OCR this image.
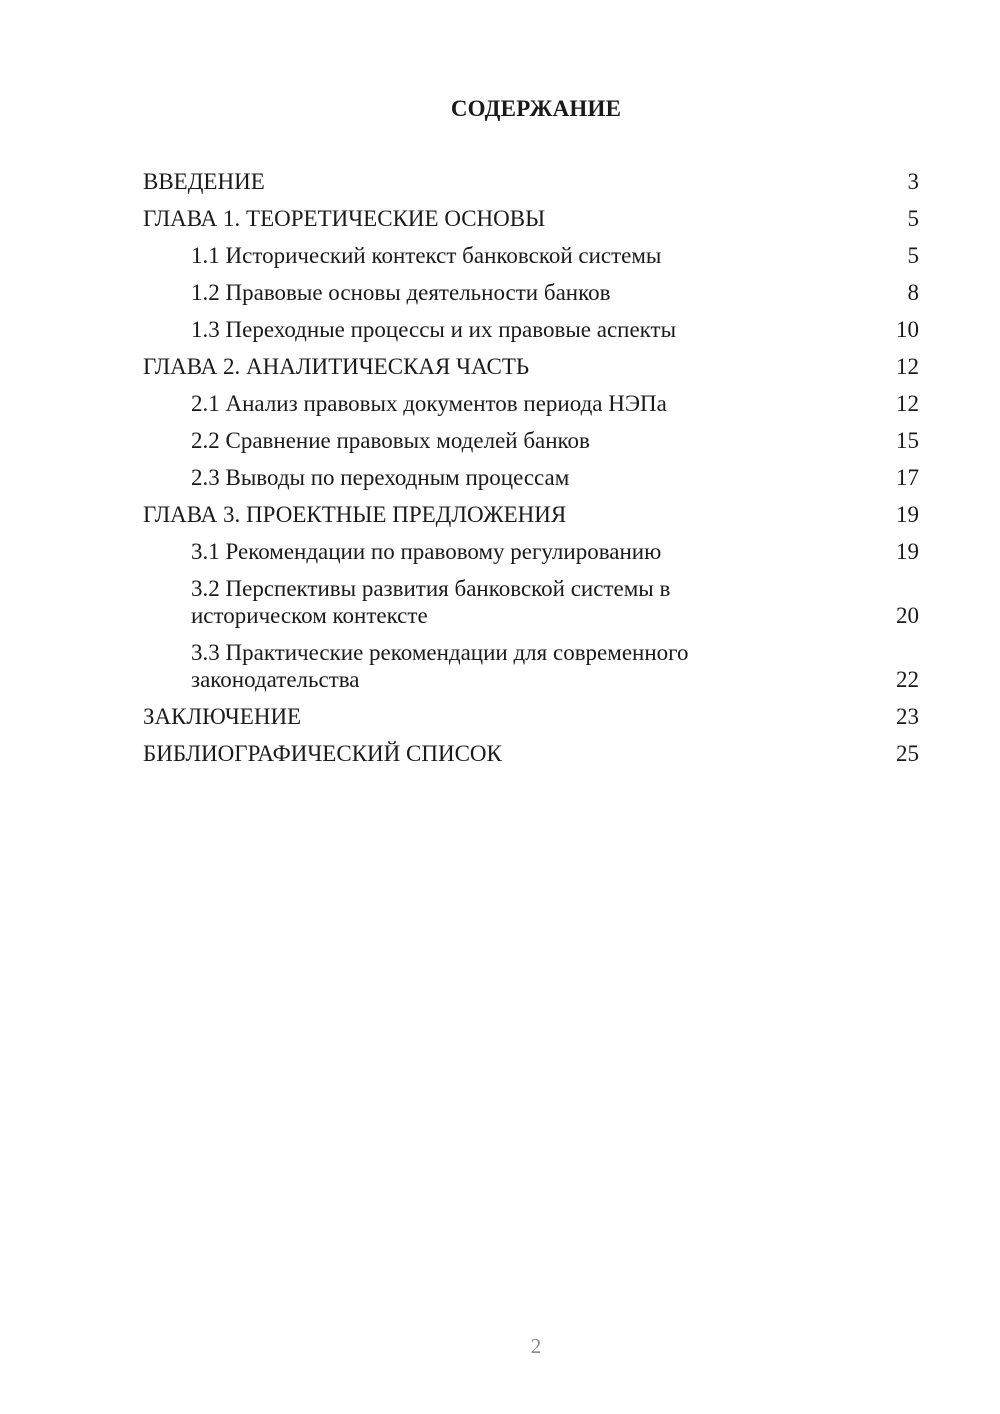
СОДЕРЖАНИЕ
ВВЕДЕНИЕ	3
ГЛАВА 1. ТЕОРЕТИЧЕСКИЕ ОСНОВЫ	5
1.1 Исторический контекст банковской системы	5
1.2 Правовые основы деятельности банков	8
1.3 Переходные процессы и их правовые аспекты	10
ГЛАВА 2. АНАЛИТИЧЕСКАЯ ЧАСТЬ	12
2.1 Анализ правовых документов периода НЭПа	12
2.2 Сравнение правовых моделей банков	15
2.3 Выводы по переходным процессам	17
ГЛАВА 3. ПРОЕКТНЫЕ ПРЕДЛОЖЕНИЯ	19
3.1 Рекомендации по правовому регулированию	19
3.2 Перспективы развития банковской системы в историческом контексте	20
3.3 Практические рекомендации для современного законодательства	22
ЗАКЛЮЧЕНИЕ	23
БИБЛИОГРАФИЧЕСКИЙ СПИСОК	25
2
